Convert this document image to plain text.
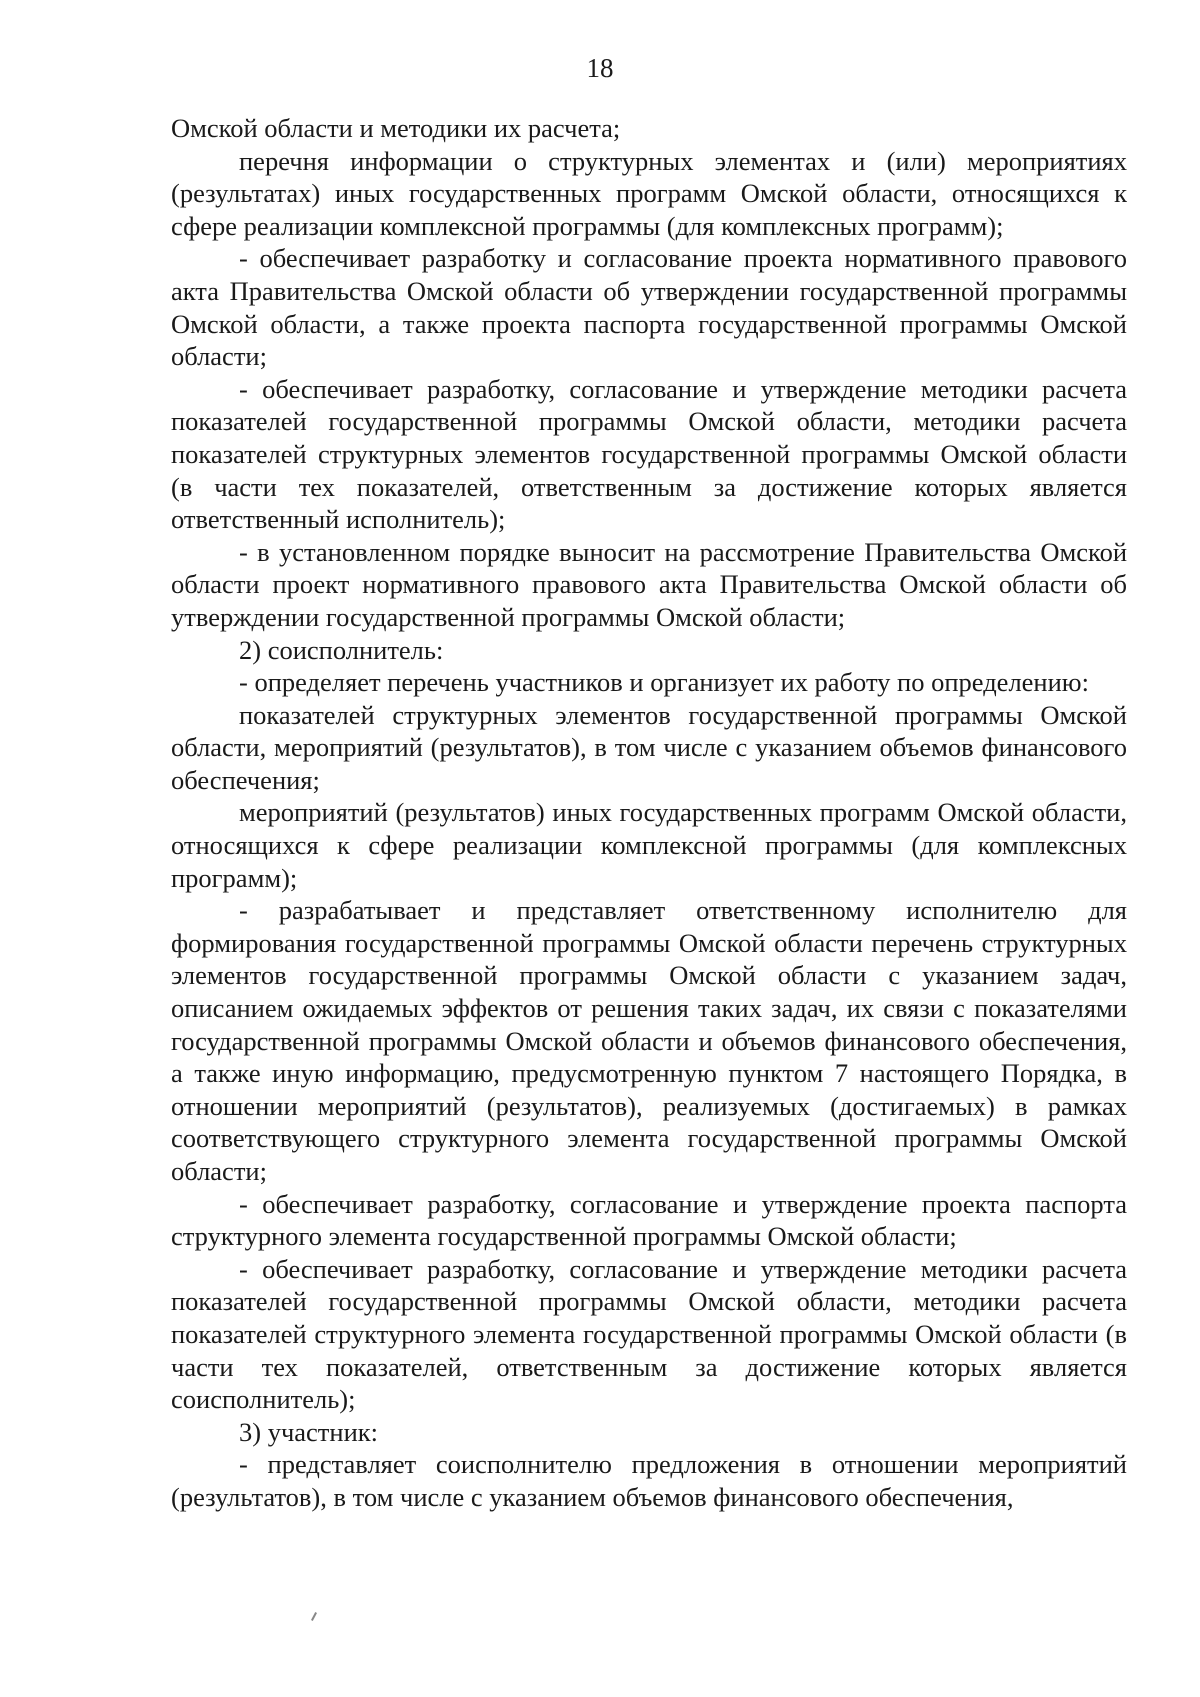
18

Омской области и методики их расчета;

перечня информации о структурных элементах и (или) мероприятиях (результатах) иных государственных программ Омской области, относящихся к сфере реализации комплексной программы (для комплексных программ);

- обеспечивает разработку и согласование проекта нормативного правового акта Правительства Омской области об утверждении государственной программы Омской области, а также проекта паспорта государственной программы Омской области;

- обеспечивает разработку, согласование и утверждение методики расчета показателей государственной программы Омской области, методики расчета показателей структурных элементов государственной программы Омской области (в части тех показателей, ответственным за достижение которых является ответственный исполнитель);

- в установленном порядке выносит на рассмотрение Правительства Омской области проект нормативного правового акта Правительства Омской области об утверждении государственной программы Омской области;

2) соисполнитель:

- определяет перечень участников и организует их работу по определению:

показателей структурных элементов государственной программы Омской области, мероприятий (результатов), в том числе с указанием объемов финансового обеспечения;

мероприятий (результатов) иных государственных программ Омской области, относящихся к сфере реализации комплексной программы (для комплексных программ);

- разрабатывает и представляет ответственному исполнителю для формирования государственной программы Омской области перечень структурных элементов государственной программы Омской области с указанием задач, описанием ожидаемых эффектов от решения таких задач, их связи с показателями государственной программы Омской области и объемов финансового обеспечения, а также иную информацию, предусмотренную пунктом 7 настоящего Порядка, в отношении мероприятий (результатов), реализуемых (достигаемых) в рамках соответствующего структурного элемента государственной программы Омской области;

- обеспечивает разработку, согласование и утверждение проекта паспорта структурного элемента государственной программы Омской области;

- обеспечивает разработку, согласование и утверждение методики расчета показателей государственной программы Омской области, методики расчета показателей структурного элемента государственной программы Омской области (в части тех показателей, ответственным за достижение которых является соисполнитель);

3) участник:

- представляет соисполнителю предложения в отношении мероприятий (результатов), в том числе с указанием объемов финансового обеспечения,
